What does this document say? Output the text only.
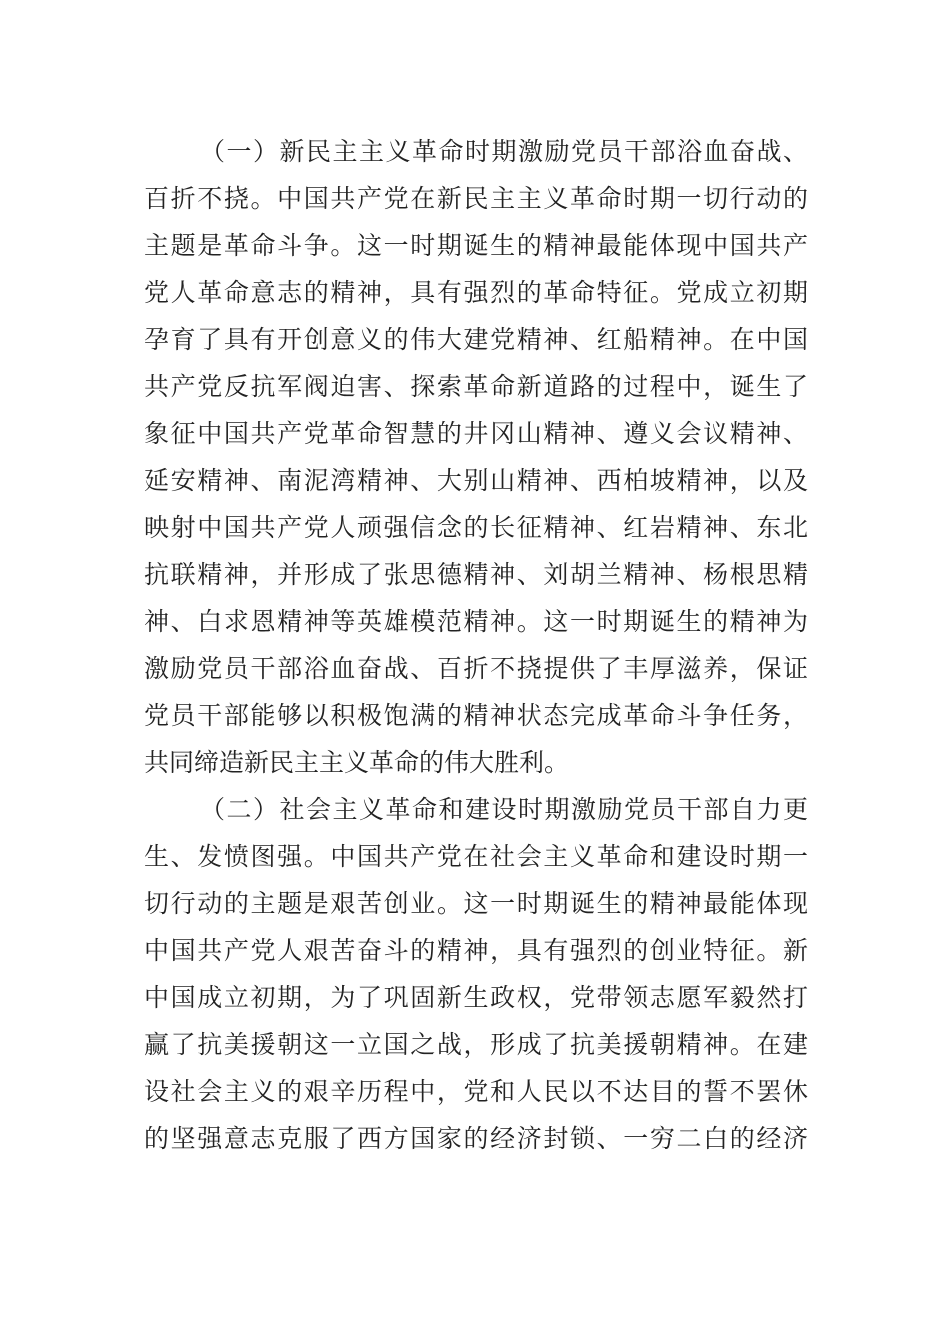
（一）新民主主义革命时期激励党员干部浴血奋战、
百折不挠。中国共产党在新民主主义革命时期一切行动的
主题是革命斗争。这一时期诞生的精神最能体现中国共产
党人革命意志的精神，具有强烈的革命特征。党成立初期
孕育了具有开创意义的伟大建党精神、红船精神。在中国
共产党反抗军阀迫害、探索革命新道路的过程中，诞生了
象征中国共产党革命智慧的井冈山精神、遵义会议精神、
延安精神、南泥湾精神、大别山精神、西柏坡精神，以及
映射中国共产党人顽强信念的长征精神、红岩精神、东北
抗联精神，并形成了张思德精神、刘胡兰精神、杨根思精
神、白求恩精神等英雄模范精神。这一时期诞生的精神为
激励党员干部浴血奋战、百折不挠提供了丰厚滋养，保证
党员干部能够以积极饱满的精神状态完成革命斗争任务，
共同缔造新民主主义革命的伟大胜利。
（二）社会主义革命和建设时期激励党员干部自力更
生、发愤图强。中国共产党在社会主义革命和建设时期一
切行动的主题是艰苦创业。这一时期诞生的精神最能体现
中国共产党人艰苦奋斗的精神，具有强烈的创业特征。新
中国成立初期，为了巩固新生政权，党带领志愿军毅然打
赢了抗美援朝这一立国之战，形成了抗美援朝精神。在建
设社会主义的艰辛历程中，党和人民以不达目的誓不罢休
的坚强意志克服了西方国家的经济封锁、一穷二白的经济
